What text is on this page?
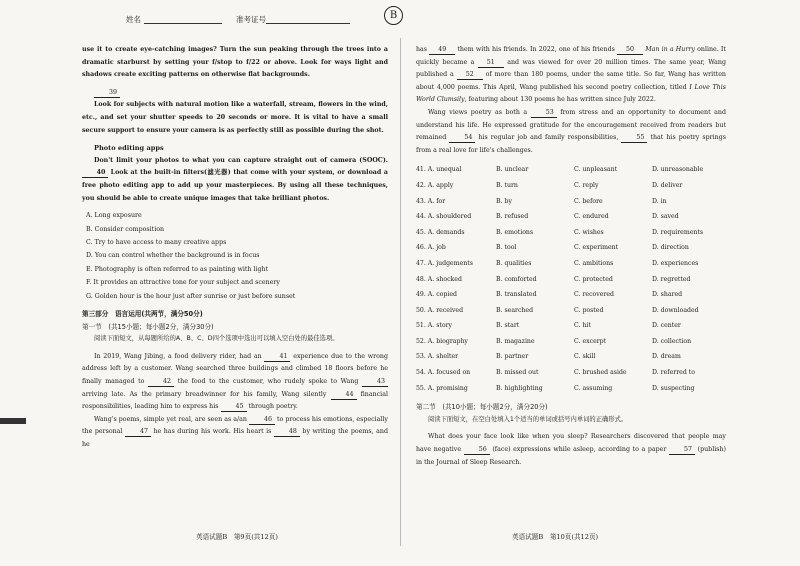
姓名	准考证号	B

use it to create eye-catching images? Turn the sun peaking through the trees into a dramatic starburst by setting your f/stop to f/22 or above. Look for ways light and shadows create exciting patterns on otherwise flat backgrounds.

39

Look for subjects with natural motion like a waterfall, stream, flowers in the wind, etc., and set your shutter speeds to 20 seconds or more. It is vital to have a small secure support to ensure your camera is as perfectly still as possible during the shot.

Photo editing apps

Don't limit your photos to what you can capture straight out of camera (SOOC). 40 Look at the built-in filters(滤光器) that come with your system, or download a free photo editing app to add up your masterpieces. By using all these techniques, you should be able to create unique images that take brilliant photos.

A. Long exposure

B. Consider composition

C. Try to have access to many creative apps

D. You can control whether the background is in focus

E. Photography is often referred to as painting with light

F. It provides an attractive tone for your subject and scenery

G. Golden hour is the hour just after sunrise or just before sunset

第三部分　语言运用(共两节，满分50分)

第一节　(共15小题；每小题2分，满分30分)

阅读下面短文，从每题所给的A、B、C、D四个选项中选出可以填入空白处的最佳选项。

In 2019, Wang Jibing, a food delivery rider, had an	41 experience due to the wrong address left by a customer. Wang searched three buildings and climbed 18 floors before he finally managed to	42 the food to the customer, who rudely spoke to Wang	43 arriving late. As the primary breadwinner for his family, Wang silently	44 financial responsibilities, leading him to express his	45 through poetry.

Wang's poems, simple yet real, are seen as a/an	46 to process his emotions, especially the personal	47 he has during his work. His heart is	48 by writing the poems, and he

has 49 them with his friends. In 2022, one of his friends 50 Man in a Hurry online. It quickly became a 51 and was viewed for over 20 million times. The same year, Wang published a 52 of more than 180 poems, under the same title. So far, Wang has written about 4,000 poems. This April, Wang published his second poetry collection, titled I Love This World Clumsily, featuring about 130 poems he has written since July 2022.

Wang views poetry as both a	53 from stress and an opportunity to document and understand his life. He expressed gratitude for the encouragement received from readers but remained	54 his regular job and family responsibilities,	55 that his poetry springs from a real love for life's challenges.

41. A. unequal	B. unclear	C. unpleasant	D. unreasonable
42. A. apply	B. turn	C. reply	D. deliver
43. A. for	B. by	C. before	D. in
44. A. shouldered	B. refused	C. endured	D. saved
45. A. demands	B. emotions	C. wishes	D. requirements
46. A. job	B. tool	C. experiment	D. direction
47. A. judgements	B. qualities	C. ambitions	D. experiences
48. A. shocked	B. comforted	C. protected	D. regretted
49. A. copied	B. translated	C. recovered	D. shared
50. A. received	B. searched	C. posted	D. downloaded
51. A. story	B. start	C. hit	D. center
52. A. biography	B. magazine	C. excerpt	D. collection
53. A. shelter	B. partner	C. skill	D. dream
54. A. focused on	B. missed out	C. brushed aside	D. referred to
55. A. promising	B. highlighting	C. assuming	D. suspecting

第二节　(共10小题；每小题2分，满分20分)

阅读下面短文，在空白处填入1个适当的单词或括号内单词的正确形式。

What does your face look like when you sleep? Researchers discovered that people may have negative	56 (face) expressions while asleep, according to a paper	57 (publish) in the Journal of Sleep Research.

英语试题B　第9页(共12页)	英语试题B　第10页(共12页)
